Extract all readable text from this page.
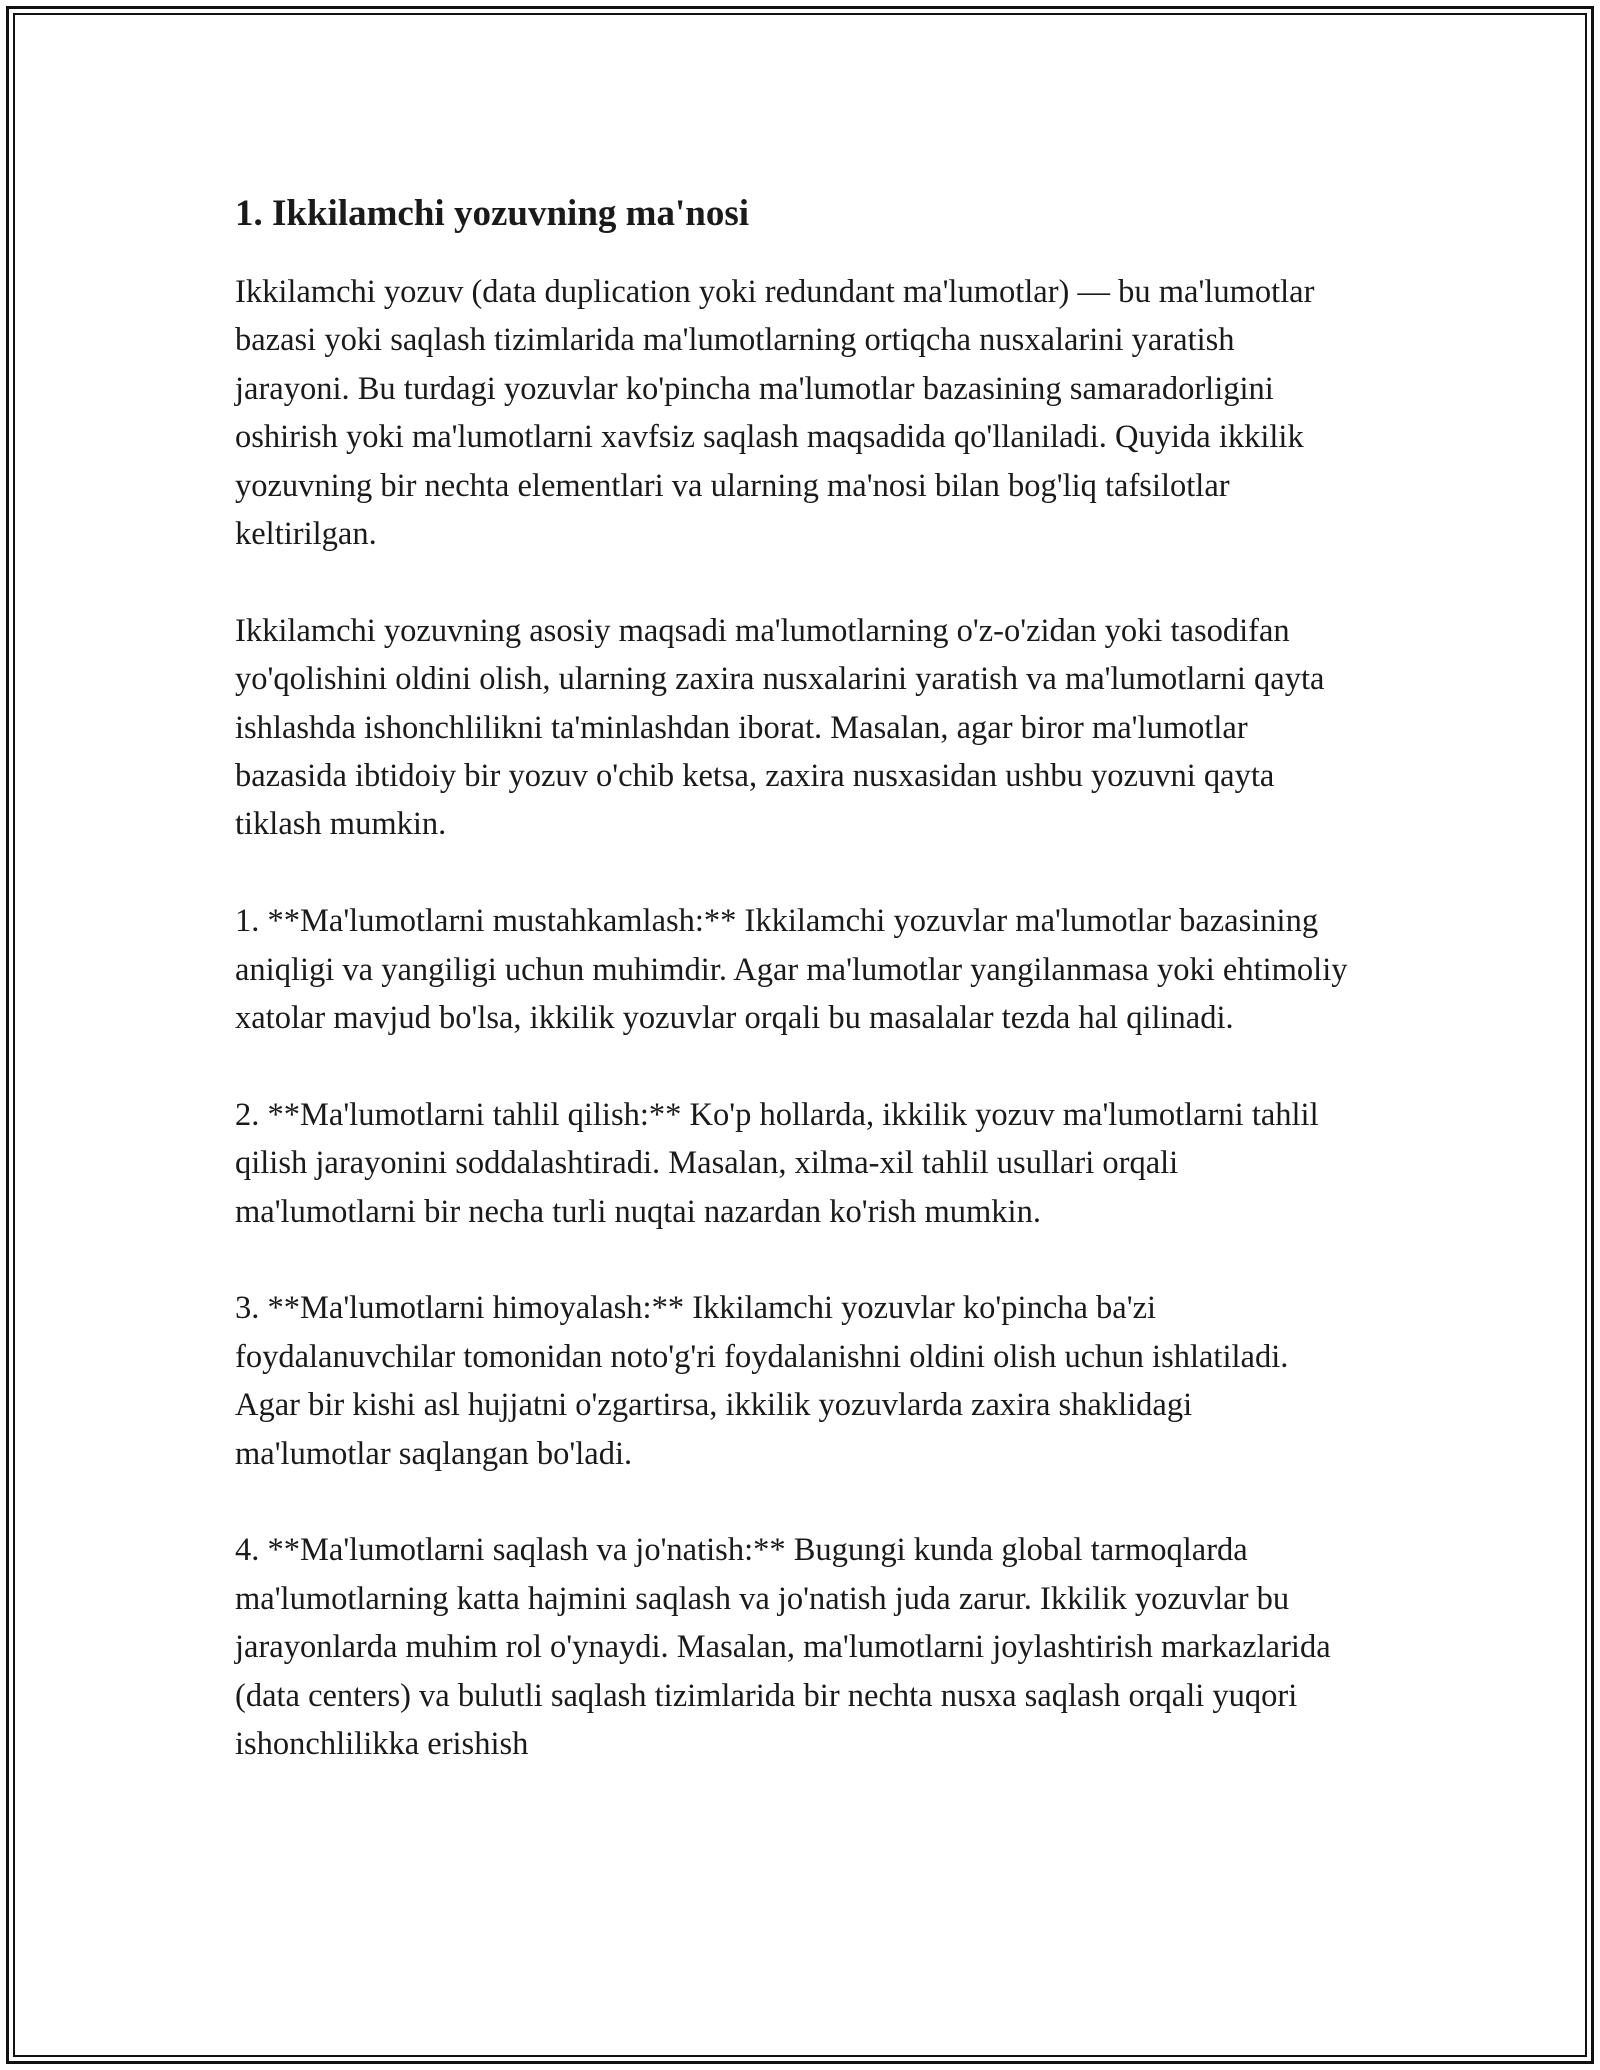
1. Ikkilamchi yozuvning ma'nosi

Ikkilamchi yozuv (data duplication yoki redundant ma'lumotlar) — bu ma'lumotlar bazasi yoki saqlash tizimlarida ma'lumotlarning ortiqcha nusxalarini yaratish jarayoni. Bu turdagi yozuvlar ko'pincha ma'lumotlar bazasining samaradorligini oshirish yoki ma'lumotlarni xavfsiz saqlash maqsadida qo'llaniladi. Quyida ikkilik yozuvning bir nechta elementlari va ularning ma'nosi bilan bog'liq tafsilotlar keltirilgan.

Ikkilamchi yozuvning asosiy maqsadi ma'lumotlarning o'z-o'zidan yoki tasodifan yo'qolishini oldini olish, ularning zaxira nusxalarini yaratish va ma'lumotlarni qayta ishlashda ishonchlilikni ta'minlashdan iborat. Masalan, agar biror ma'lumotlar bazasida ibtidoiy bir yozuv o'chib ketsa, zaxira nusxasidan ushbu yozuvni qayta tiklash mumkin.

1. **Ma'lumotlarni mustahkamlash:** Ikkilamchi yozuvlar ma'lumotlar bazasining aniqligi va yangiligi uchun muhimdir. Agar ma'lumotlar yangilanmasa yoki ehtimoliy xatolar mavjud bo'lsa, ikkilik yozuvlar orqali bu masalalar tezda hal qilinadi.

2. **Ma'lumotlarni tahlil qilish:** Ko'p hollarda, ikkilik yozuv ma'lumotlarni tahlil qilish jarayonini soddalashtiradi. Masalan, xilma-xil tahlil usullari orqali ma'lumotlarni bir necha turli nuqtai nazardan ko'rish mumkin.

3. **Ma'lumotlarni himoyalash:** Ikkilamchi yozuvlar ko'pincha ba'zi foydalanuvchilar tomonidan noto'g'ri foydalanishni oldini olish uchun ishlatiladi. Agar bir kishi asl hujjatni o'zgartirsa, ikkilik yozuvlarda zaxira shaklidagi ma'lumotlar saqlangan bo'ladi.

4. **Ma'lumotlarni saqlash va jo'natish:** Bugungi kunda global tarmoqlarda ma'lumotlarning katta hajmini saqlash va jo'natish juda zarur. Ikkilik yozuvlar bu jarayonlarda muhim rol o'ynaydi. Masalan, ma'lumotlarni joylashtirish markazlarida (data centers) va bulutli saqlash tizimlarida bir nechta nusxa saqlash orqali yuqori ishonchlilikka erishish
